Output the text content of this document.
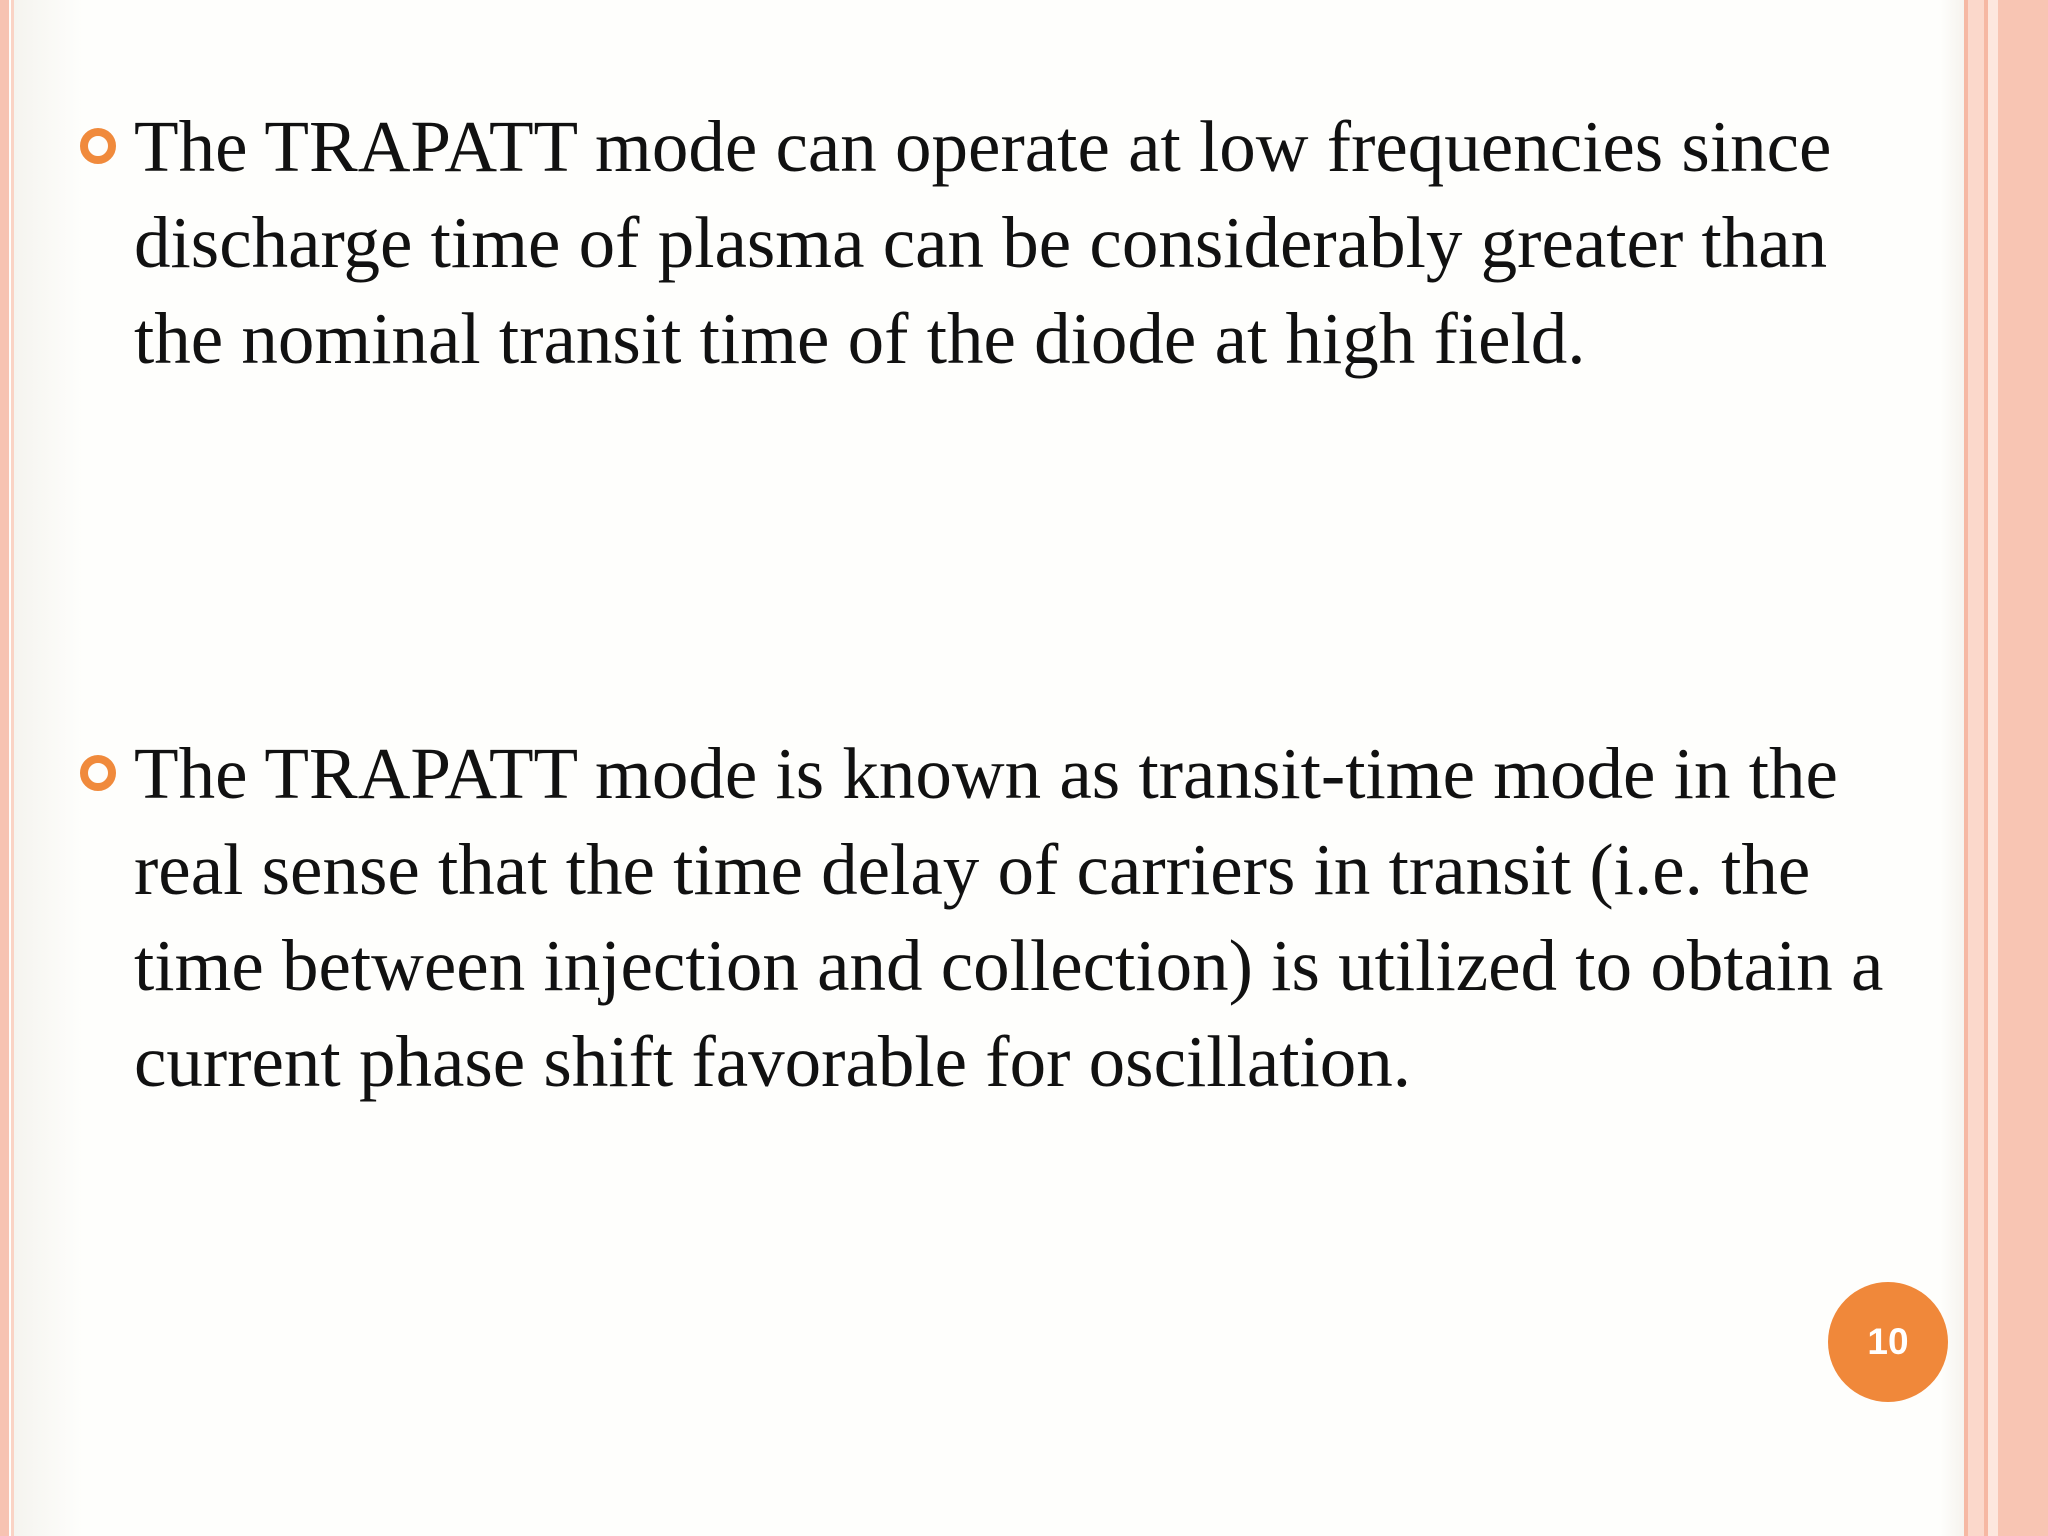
The TRAPATT mode can operate at low frequencies since discharge time of plasma can be considerably greater than the nominal transit time of the diode at high field.
The TRAPATT mode is known as transit-time mode in the real sense that the time delay of carriers in transit (i.e. the time between injection and collection) is utilized to obtain a current phase shift favorable for oscillation.
10
